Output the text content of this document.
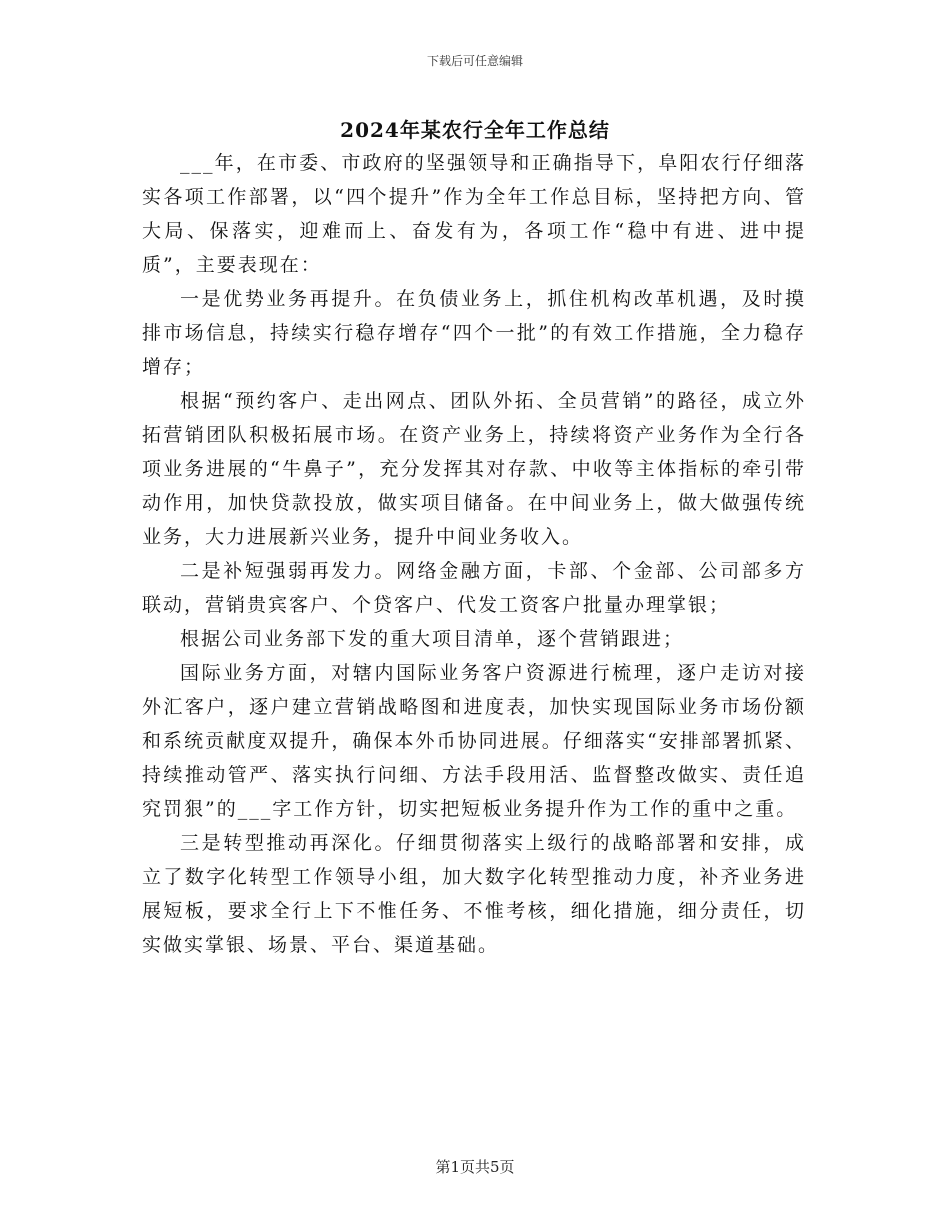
下载后可任意编辑
2024年某农行全年工作总结

___年，在市委、市政府的坚强领导和正确指导下，阜阳农行仔细落实各项工作部署，以“四个提升”作为全年工作总目标，坚持把方向、管大局、保落实，迎难而上、奋发有为，各项工作“稳中有进、进中提质”，主要表现在：

一是优势业务再提升。在负债业务上，抓住机构改革机遇，及时摸排市场信息，持续实行稳存增存“四个一批”的有效工作措施，全力稳存增存；

根据“预约客户、走出网点、团队外拓、全员营销”的路径，成立外拓营销团队积极拓展市场。在资产业务上，持续将资产业务作为全行各项业务进展的“牛鼻子”，充分发挥其对存款、中收等主体指标的牵引带动作用，加快贷款投放，做实项目储备。在中间业务上，做大做强传统业务，大力进展新兴业务，提升中间业务收入。

二是补短强弱再发力。网络金融方面，卡部、个金部、公司部多方联动，营销贵宾客户、个贷客户、代发工资客户批量办理掌银；

根据公司业务部下发的重大项目清单，逐个营销跟进；

国际业务方面，对辖内国际业务客户资源进行梳理，逐户走访对接外汇客户，逐户建立营销战略图和进度表，加快实现国际业务市场份额和系统贡献度双提升，确保本外币协同进展。仔细落实“安排部署抓紧、持续推动管严、落实执行问细、方法手段用活、监督整改做实、责任追究罚狠”的___字工作方针，切实把短板业务提升作为工作的重中之重。

三是转型推动再深化。仔细贯彻落实上级行的战略部署和安排，成立了数字化转型工作领导小组，加大数字化转型推动力度，补齐业务进展短板，要求全行上下不惟任务、不惟考核，细化措施，细分责任，切实做实掌银、场景、平台、渠道基础。

第1页共5页
